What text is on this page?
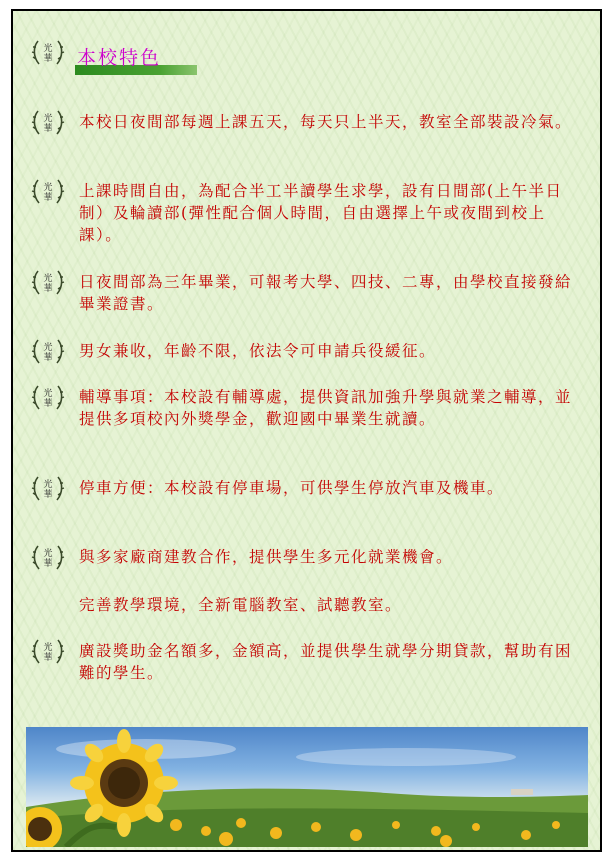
光
華 本校特色
光
華 本校日夜間部每週上課五天，每天只上半天，教室全部裝設冷氣。
光
華 上課時間自由，為配合半工半讀學生求學，設有日間部(上午半日制）及輪讀部(彈性配合個人時間，自由選擇上午或夜間到校上課）。
光
華 日夜間部為三年畢業，可報考大學、四技、二專，由學校直接發給畢業證書。
光
華 男女兼收，年齡不限，依法令可申請兵役緩征。
光
華 輔導事項：本校設有輔導處，提供資訊加強升學與就業之輔導，並提供多項校內外獎學金，歡迎國中畢業生就讀。
光
華 停車方便：本校設有停車場，可供學生停放汽車及機車。
光
華 與多家廠商建教合作，提供學生多元化就業機會。
完善教學環境，全新電腦教室、試聽教室。
光
華 廣設獎助金名額多，金額高，並提供學生就學分期貸款，幫助有困難的學生。
